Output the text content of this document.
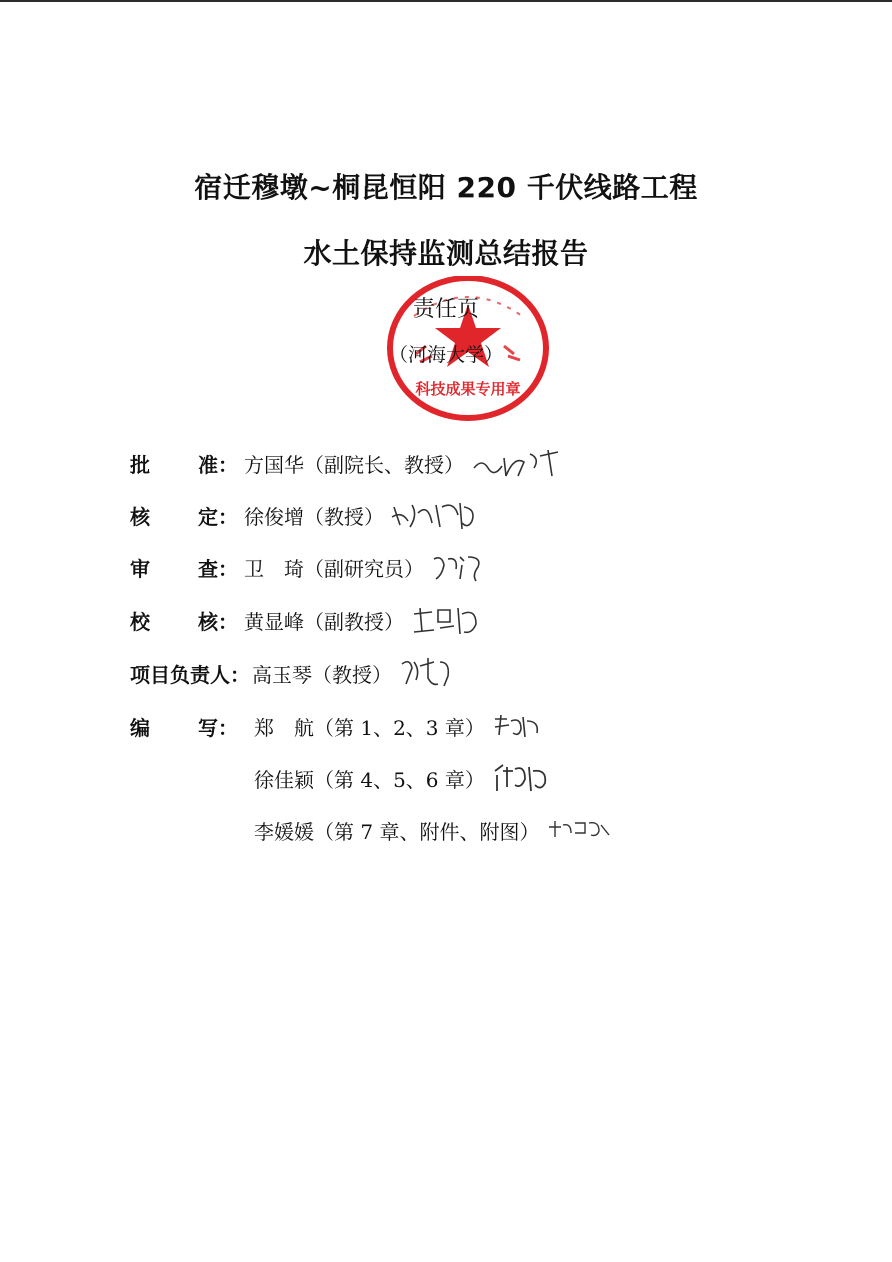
宿迁穆墩~桐昆恒阳 220 千伏线路工程
水土保持监测总结报告
科技成果专用章
责任页
（河海大学）
批 准： 方国华（副院长、教授）
核 定： 徐俊增（教授）
审 查： 卫　琦（副研究员）
校 核： 黄显峰（副教授）
项目负责人： 高玉琴（教授）
编 写： 郑　航（第 1、2、3 章）
徐佳颖（第 4、5、6 章）
李媛媛（第 7 章、附件、附图）
